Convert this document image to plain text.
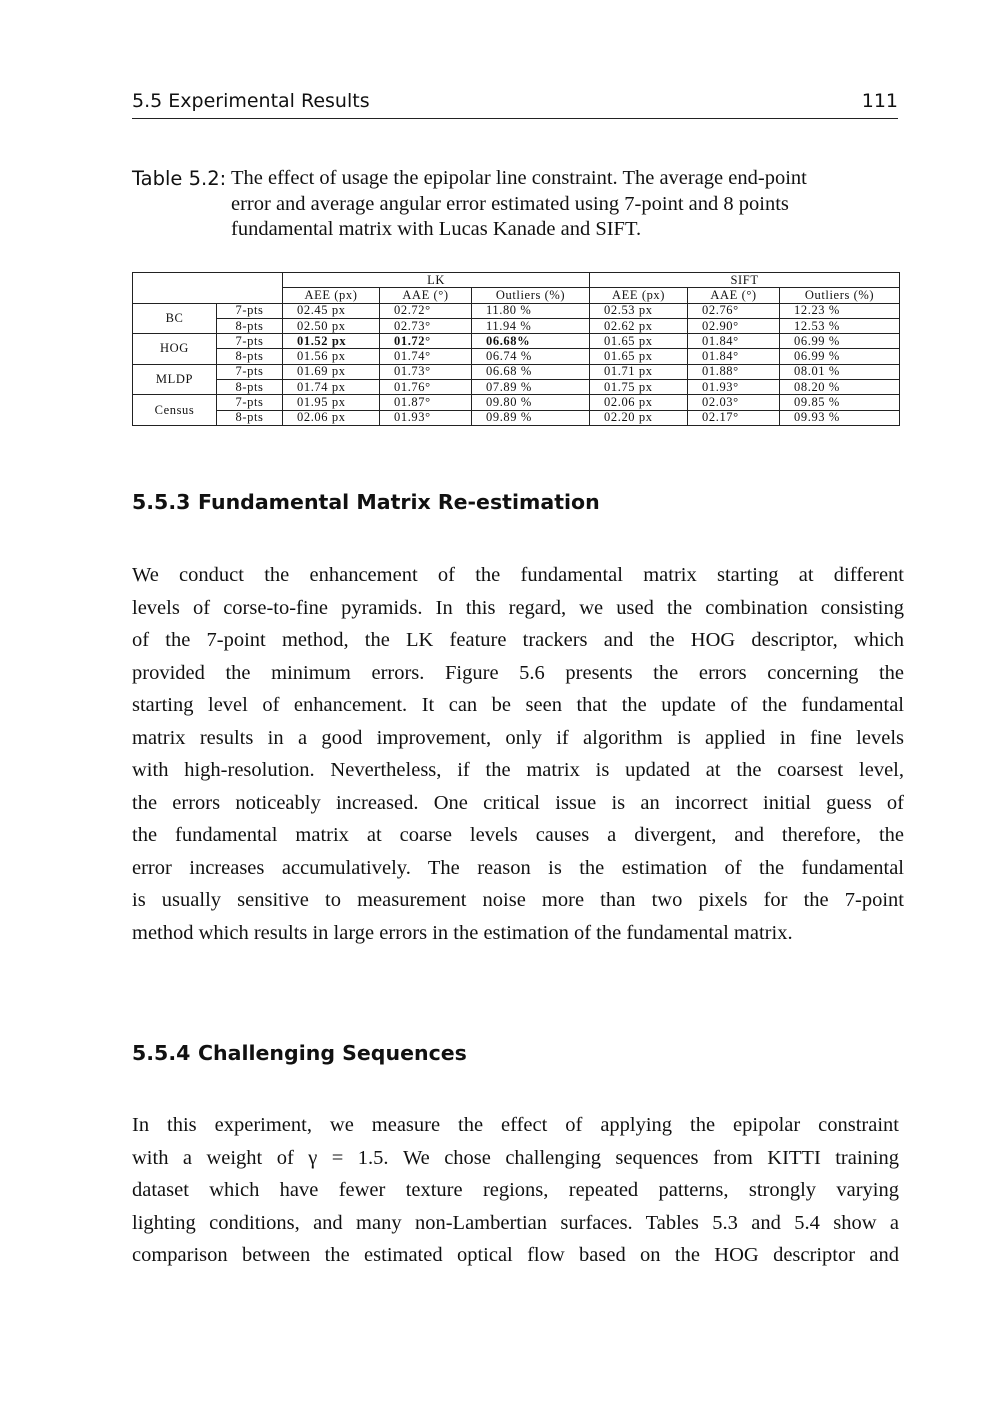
5.5 Experimental Results	111
Table 5.2: The effect of usage the epipolar line constraint. The average end-point
error and average angular error estimated using 7-point and 8 points
fundamental matrix with Lucas Kanade and SIFT.
		LK			SIFT		
		AEE (px)	AAE (°)	Outliers (%)	AEE (px)	AAE (°)	Outliers (%)
BC	7-pts	02.45 px	02.72°	11.80 %	02.53 px	02.76°	12.23 %
	8-pts	02.50 px	02.73°	11.94 %	02.62 px	02.90°	12.53 %
HOG	7-pts	01.52 px	01.72°	06.68%	01.65 px	01.84°	06.99 %
	8-pts	01.56 px	01.74°	06.74 %	01.65 px	01.84°	06.99 %
MLDP	7-pts	01.69 px	01.73°	06.68 %	01.71 px	01.88°	08.01 %
	8-pts	01.74 px	01.76°	07.89 %	01.75 px	01.93°	08.20 %
Census	7-pts	01.95 px	01.87°	09.80 %	02.06 px	02.03°	09.85 %
	8-pts	02.06 px	01.93°	09.89 %	02.20 px	02.17°	09.93 %
5.5.3 Fundamental Matrix Re-estimation
We conduct the enhancement of the fundamental matrix starting at different
levels of corse-to-fine pyramids. In this regard, we used the combination consisting
of the 7-point method, the LK feature trackers and the HOG descriptor, which
provided the minimum errors. Figure 5.6 presents the errors concerning the
starting level of enhancement. It can be seen that the update of the fundamental
matrix results in a good improvement, only if algorithm is applied in fine levels
with high-resolution. Nevertheless, if the matrix is updated at the coarsest level,
the errors noticeably increased. One critical issue is an incorrect initial guess of
the fundamental matrix at coarse levels causes a divergent, and therefore, the
error increases accumulatively. The reason is the estimation of the fundamental
is usually sensitive to measurement noise more than two pixels for the 7-point
method which results in large errors in the estimation of the fundamental matrix.
5.5.4 Challenging Sequences
In this experiment, we measure the effect of applying the epipolar constraint
with a weight of γ = 1.5. We chose challenging sequences from KITTI training
dataset which have fewer texture regions, repeated patterns, strongly varying
lighting conditions, and many non-Lambertian surfaces. Tables 5.3 and 5.4 show a
comparison between the estimated optical flow based on the HOG descriptor and
